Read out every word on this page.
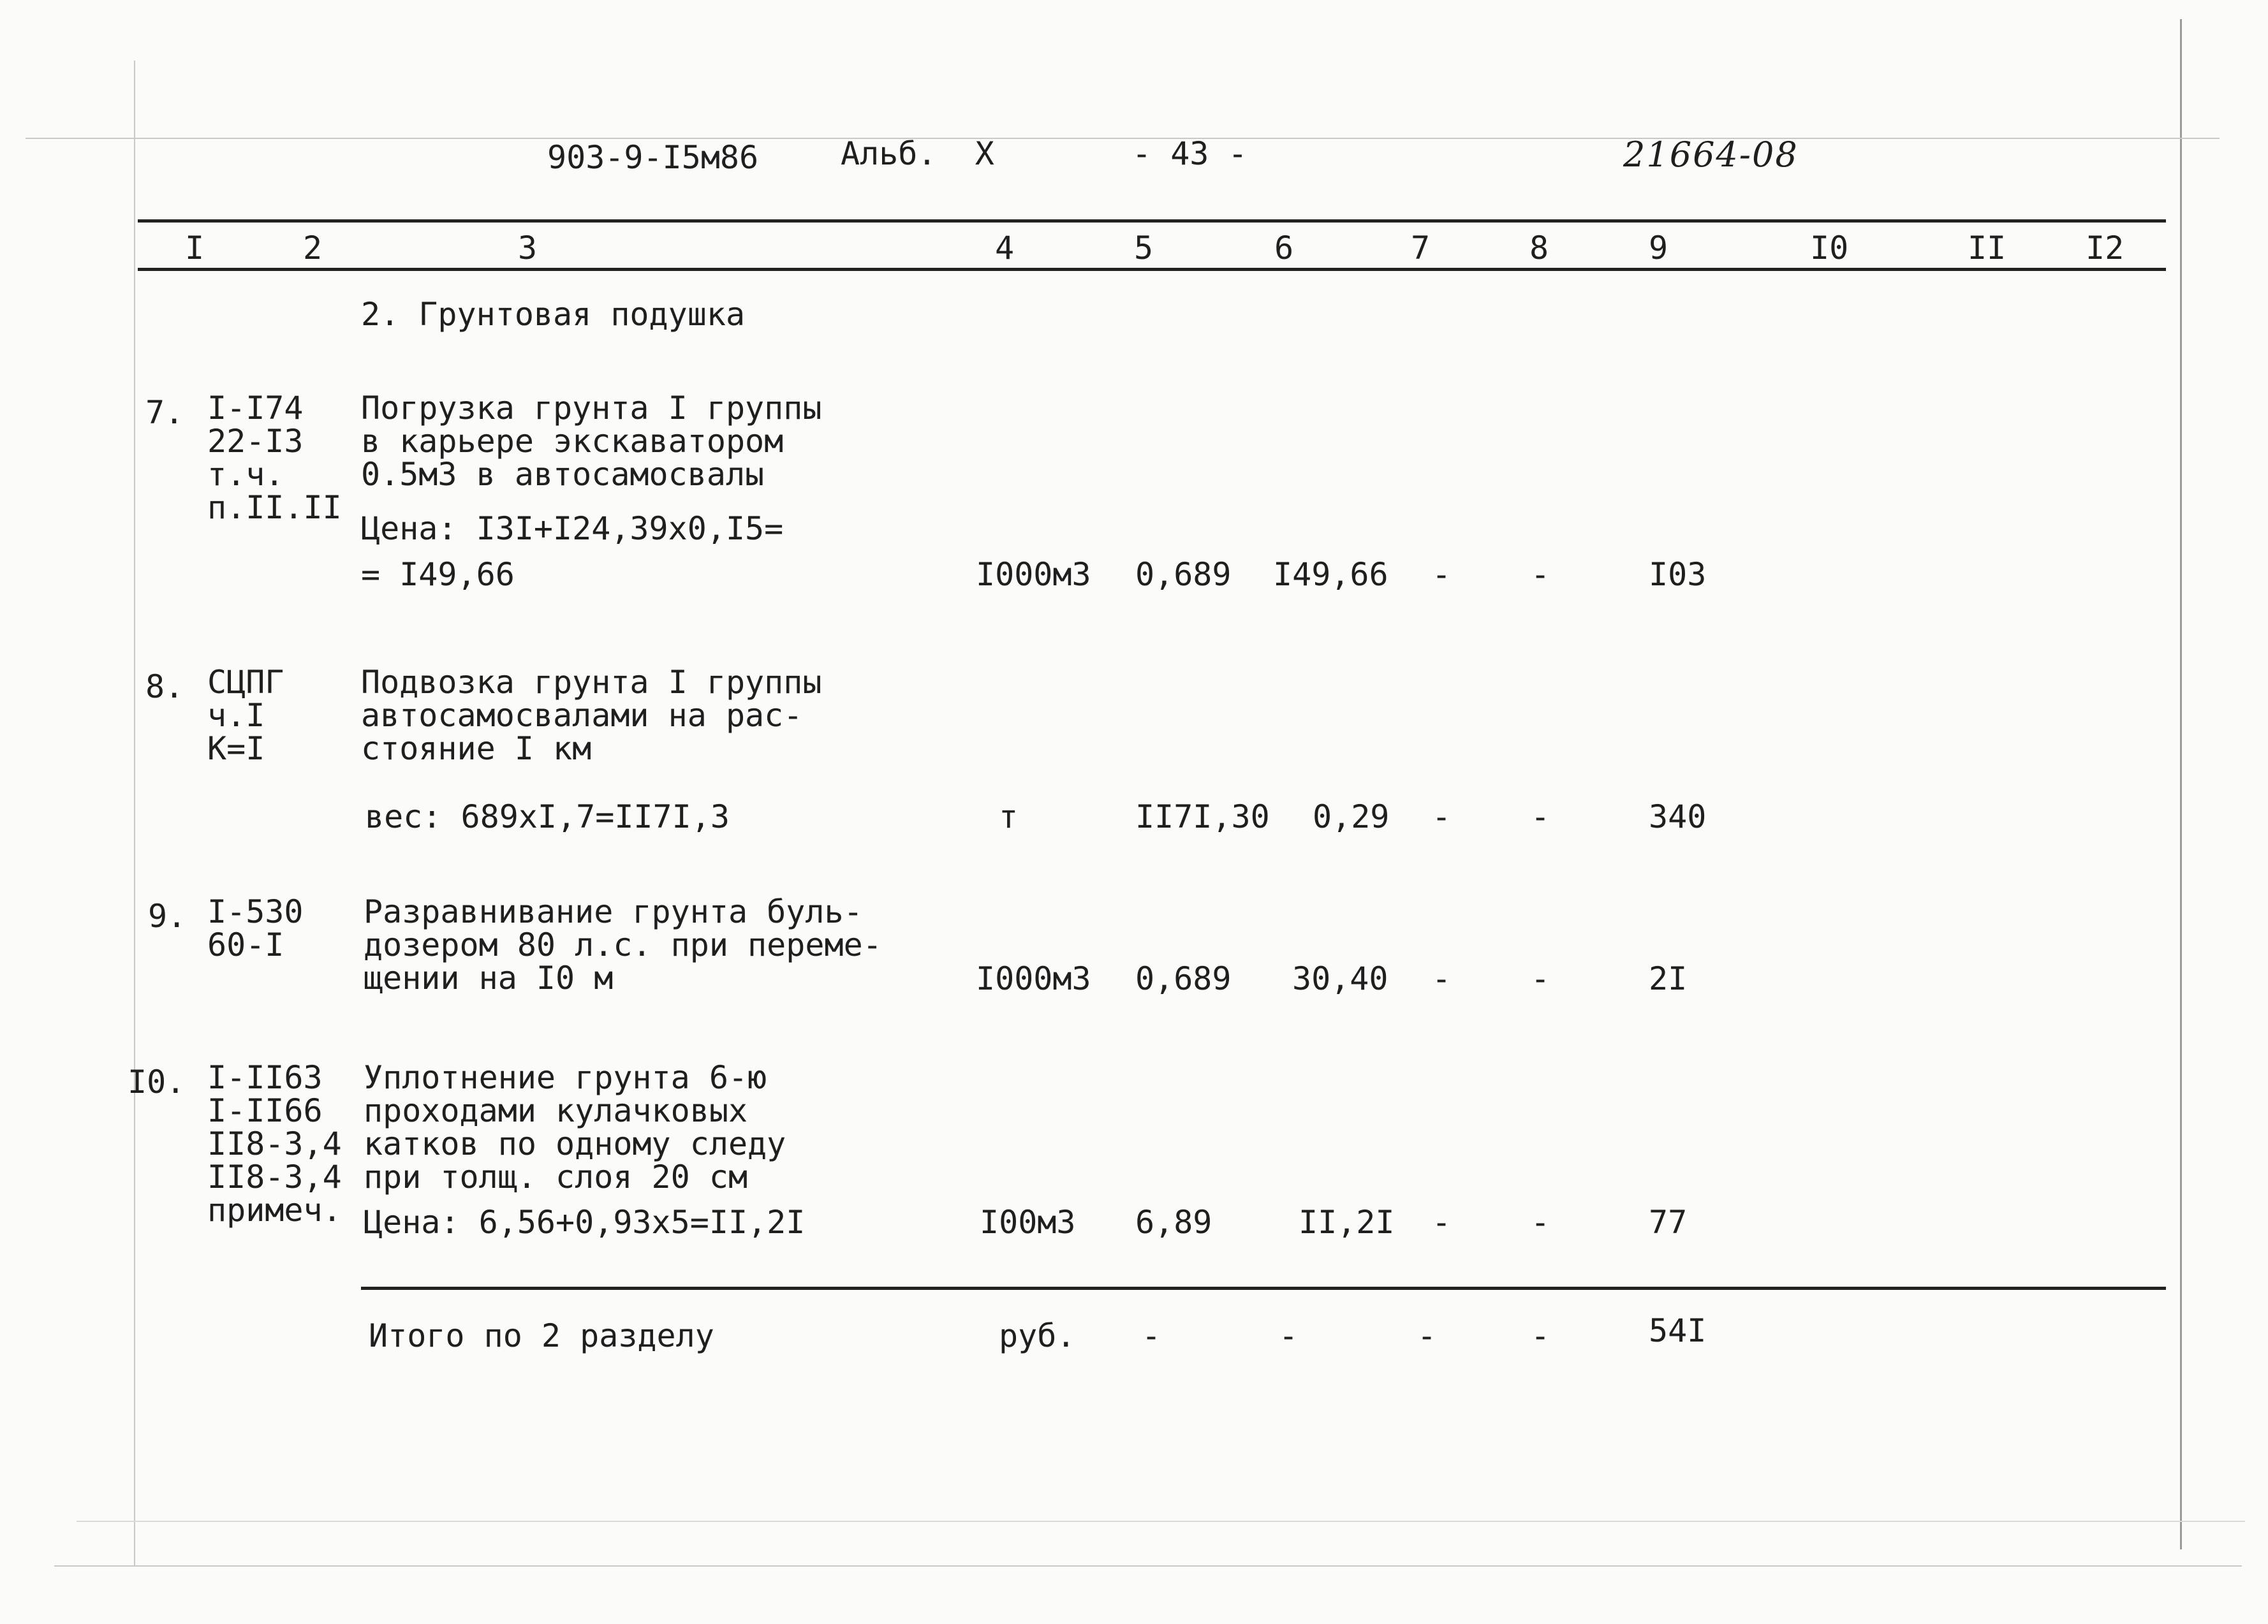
903-9-I5м86	Альб.  X	- 43 -	21664-08
I	2	3	4	5	6	7	8	9	I0	II I2
2. Грунтовая подушка
7. I-I74
22-I3
т.ч.
п.II.II
Погрузка грунта I группы
в карьере экскаватором
0.5м3 в автосамосвалы
Цена: I3I+I24,39x0,I5=
= I49,66	I000м3 0,689 I49,66 - -	I03
8. СЦПГ
ч.I
К=I
Подвозка грунта I группы
автосамосвалами на рас-
стояние I км
вес: 689xI,7=II7I,3	т	II7I,30 0,29 - -	340
9. I-530
60-I
Разравнивание грунта буль-
дозером 80 л.с. при переме-
щении на I0 м	I000м3 0,689 30,40 - -	2I
I0. I-II63
I-II66
II8-3,4
II8-3,4
примеч.
Уплотнение грунта 6-ю
проходами кулачковых
катков по одному следу
при толщ. слоя 20 см
Цена: 6,56+0,93x5=II,2I	I00м3 6,89	II,2I - -	77
Итого по 2 разделу	руб. -	-	-	-	54I
